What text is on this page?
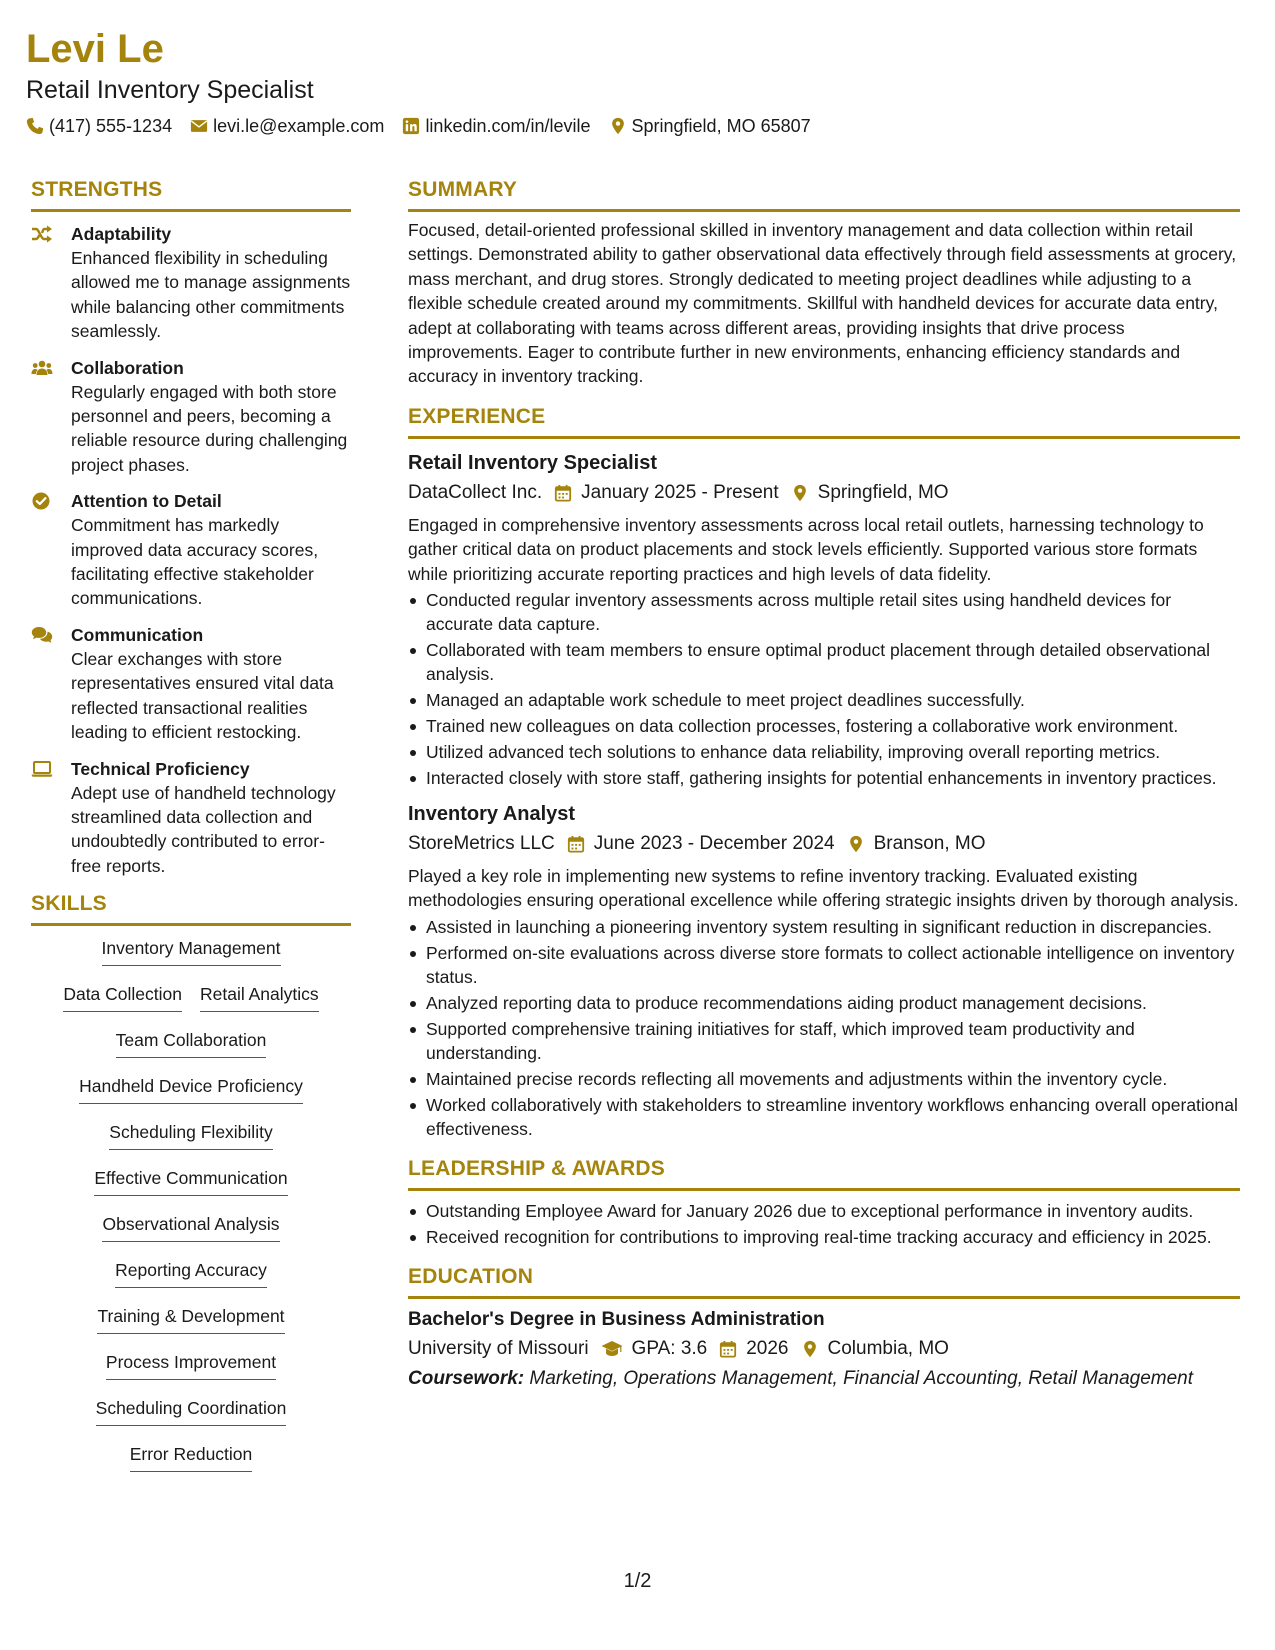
Levi Le
Retail Inventory Specialist
(417) 555-1234 levi.le@example.com linkedin.com/in/levile Springfield, MO 65807
STRENGTHS
Adaptability
Enhanced flexibility in scheduling allowed me to manage assignments while balancing other commitments seamlessly.
Collaboration
Regularly engaged with both store personnel and peers, becoming a reliable resource during challenging project phases.
Attention to Detail
Commitment has markedly improved data accuracy scores, facilitating effective stakeholder communications.
Communication
Clear exchanges with store representatives ensured vital data reflected transactional realities leading to efficient restocking.
Technical Proficiency
Adept use of handheld technology streamlined data collection and undoubtedly contributed to error-free reports.
SKILLS
Inventory Management
Data Collection Retail Analytics
Team Collaboration
Handheld Device Proficiency
Scheduling Flexibility
Effective Communication
Observational Analysis
Reporting Accuracy
Training & Development
Process Improvement
Scheduling Coordination
Error Reduction
SUMMARY
Focused, detail-oriented professional skilled in inventory management and data collection within retail settings. Demonstrated ability to gather observational data effectively through field assessments at grocery, mass merchant, and drug stores. Strongly dedicated to meeting project deadlines while adjusting to a flexible schedule created around my commitments. Skillful with handheld devices for accurate data entry, adept at collaborating with teams across different areas, providing insights that drive process improvements. Eager to contribute further in new environments, enhancing efficiency standards and accuracy in inventory tracking.
EXPERIENCE
Retail Inventory Specialist
DataCollect Inc. January 2025 - Present Springfield, MO
Engaged in comprehensive inventory assessments across local retail outlets, harnessing technology to gather critical data on product placements and stock levels efficiently. Supported various store formats while prioritizing accurate reporting practices and high levels of data fidelity.
Conducted regular inventory assessments across multiple retail sites using handheld devices for accurate data capture.
Collaborated with team members to ensure optimal product placement through detailed observational analysis.
Managed an adaptable work schedule to meet project deadlines successfully.
Trained new colleagues on data collection processes, fostering a collaborative work environment.
Utilized advanced tech solutions to enhance data reliability, improving overall reporting metrics.
Interacted closely with store staff, gathering insights for potential enhancements in inventory practices.
Inventory Analyst
StoreMetrics LLC June 2023 - December 2024 Branson, MO
Played a key role in implementing new systems to refine inventory tracking. Evaluated existing methodologies ensuring operational excellence while offering strategic insights driven by thorough analysis.
Assisted in launching a pioneering inventory system resulting in significant reduction in discrepancies.
Performed on-site evaluations across diverse store formats to collect actionable intelligence on inventory status.
Analyzed reporting data to produce recommendations aiding product management decisions.
Supported comprehensive training initiatives for staff, which improved team productivity and understanding.
Maintained precise records reflecting all movements and adjustments within the inventory cycle.
Worked collaboratively with stakeholders to streamline inventory workflows enhancing overall operational effectiveness.
LEADERSHIP & AWARDS
Outstanding Employee Award for January 2026 due to exceptional performance in inventory audits.
Received recognition for contributions to improving real-time tracking accuracy and efficiency in 2025.
EDUCATION
Bachelor's Degree in Business Administration
University of Missouri GPA: 3.6 2026 Columbia, MO
Coursework: Marketing, Operations Management, Financial Accounting, Retail Management
1/2
